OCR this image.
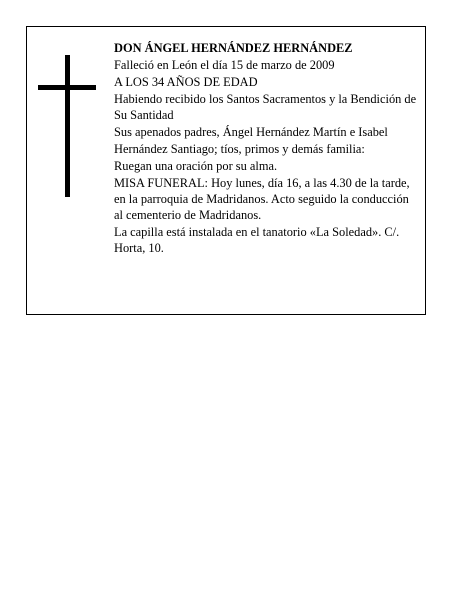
DON ÁNGEL HERNÁNDEZ HERNÁNDEZ

Falleció en León el día 15 de marzo de 2009

A LOS 34 AÑOS DE EDAD

Habiendo recibido los Santos Sacramentos y la Bendición de Su Santidad

Sus apenados padres, Ángel Hernández Martín e Isabel Hernández Santiago; tíos, primos y demás familia:

Ruegan una oración por su alma.

MISA FUNERAL: Hoy lunes, día 16, a las 4.30 de la tarde, en la parroquia de Madridanos. Acto seguido la conducción al cementerio de Madridanos.

La capilla está instalada en el tanatorio «La Soledad». C/. Horta, 10.
